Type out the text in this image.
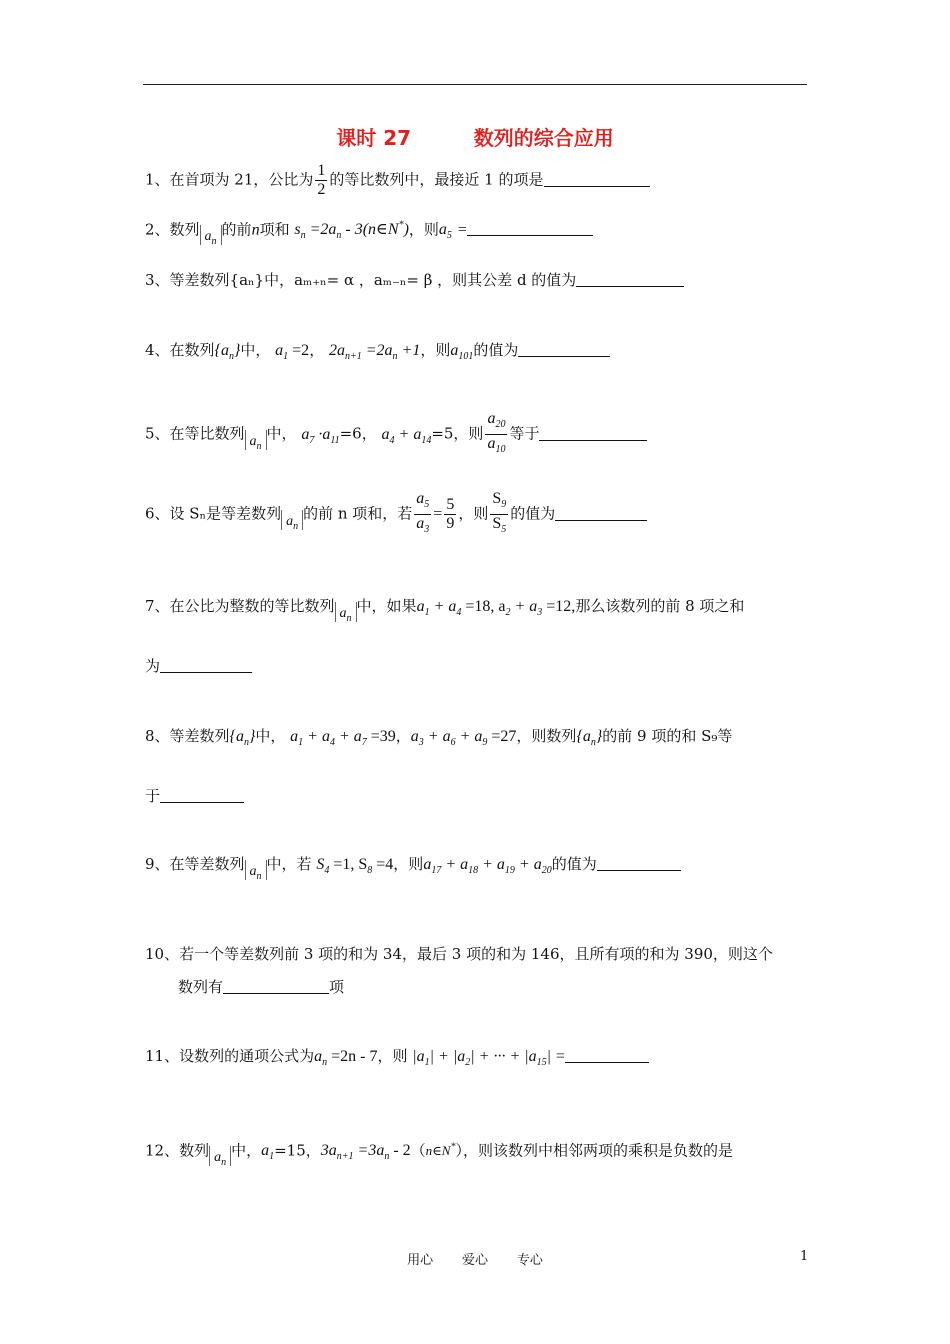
课时 27	数列的综合应用
1、在首项为 21，公比为 $\frac{1}{2}$ 的等比数列中，最接近 1 的项是
2、数列 $a_n$的前n项和 $s_n =2a_n$ - 3(n∈N*)，则$a_5$ =
3、等差数列{aₙ}中，aₘ₊ₙ= α ，aₘ₋ₙ= β ，则其公差 d 的值为
4、在数列$\{a_n\}$中， $a_1 =2$， $2a_{n+1} =2a_n +1$，则$a_{101}$的值为
5、在等比数列 $a_n$中， $a_7 \cdot a_{11}=6$， $a_4 + a_{14}=5$，则 $\frac{a_{20}}{a_{10}}$ 等于
6、设 Sₙ是等差数列 $a_n$的前 n 项和，若 $\frac{a_5}{a_3} = \frac{5}{9}$ ，则 $\frac{S_9}{S_5}$ 的值为
7、在公比为整数的等比数列 $a_n$中，如果$a_1 + a_4 =18$, $a_2 + a_3 =12$,那么该数列的前 8 项之和
为
8、等差数列$\{a_n\}$中， $a_1 + a_4 + a_7 =39$，$a_3 + a_6 + a_9 =27$，则数列$\{a_n\}$的前 9 项的和 S₉等
于
9、在等差数列 $a_n$中，若 $S_4 =1$, $S_8 =4$，则$a_{17} + a_{18} + a_{19} + a_{20}$的值为
10、若一个等差数列前 3 项的和为 34，最后 3 项的和为 146，且所有项的和为 390，则这个
数列有	项
11、设数列的通项公式为$a_n =2n - 7$，则 $|a_1| + |a_2|$ + ··· + $|a_{15}|$ =
12、数列 $a_n$中，$a_1=15$，$3a_{n+1} =3a_n$ - 2（n∈N*），则该数列中相邻两项的乘积是负数的是
用心       爱心       专心	1
